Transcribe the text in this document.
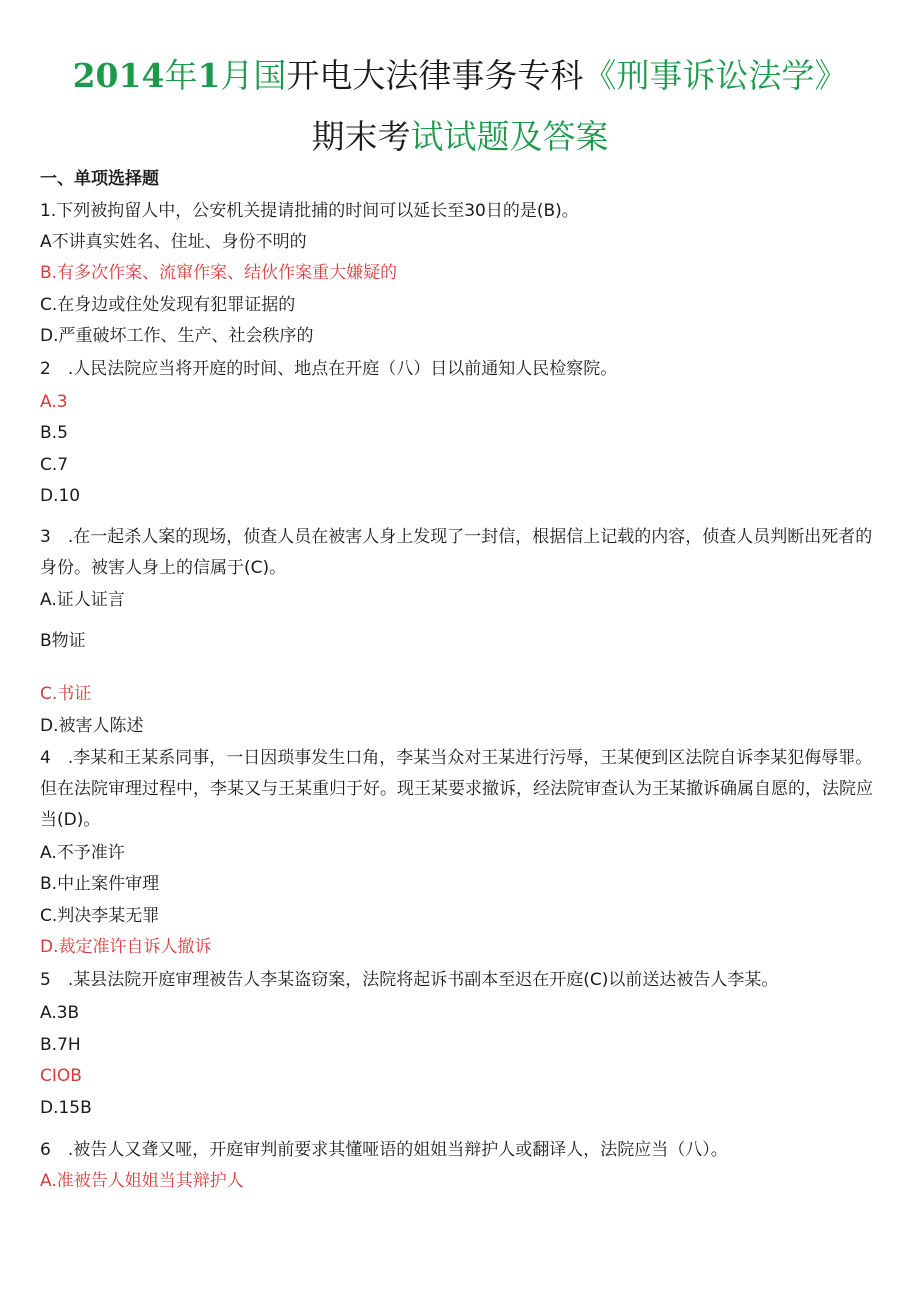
2014年1月国开电大法律事务专科《刑事诉讼法学》
期末考试试题及答案
一、单项选择题
1.下列被拘留人中，公安机关提请批捕的时间可以延长至30日的是(B)。
A不讲真实姓名、住址、身份不明的
B.有多次作案、流窜作案、结伙作案重大嫌疑的
C.在身边或住处发现有犯罪证据的
D.严重破坏工作、生产、社会秩序的
2　.人民法院应当将开庭的时间、地点在开庭（八）日以前通知人民检察院。
A.3
B.5
C.7
D.10
3　.在一起杀人案的现场，侦查人员在被害人身上发现了一封信，根据信上记载的内容，侦查人员判断出死者的身份。被害人身上的信属于(C)。
A.证人证言
B物证
C.书证
D.被害人陈述
4　.李某和王某系同事，一日因琐事发生口角，李某当众对王某进行污辱，王某便到区法院自诉李某犯侮辱罪。但在法院审理过程中，李某又与王某重归于好。现王某要求撤诉，经法院审查认为王某撤诉确属自愿的，法院应当(D)。
A.不予准许
B.中止案件审理
C.判决李某无罪
D.裁定准许自诉人撤诉
5　.某县法院开庭审理被告人李某盗窃案，法院将起诉书副本至迟在开庭(C)以前送达被告人李某。
A.3B
B.7H
CIOB
D.15B
6　.被告人又聋又哑，开庭审判前要求其懂哑语的姐姐当辩护人或翻译人，法院应当（八）。
A.准被告人姐姐当其辩护人
